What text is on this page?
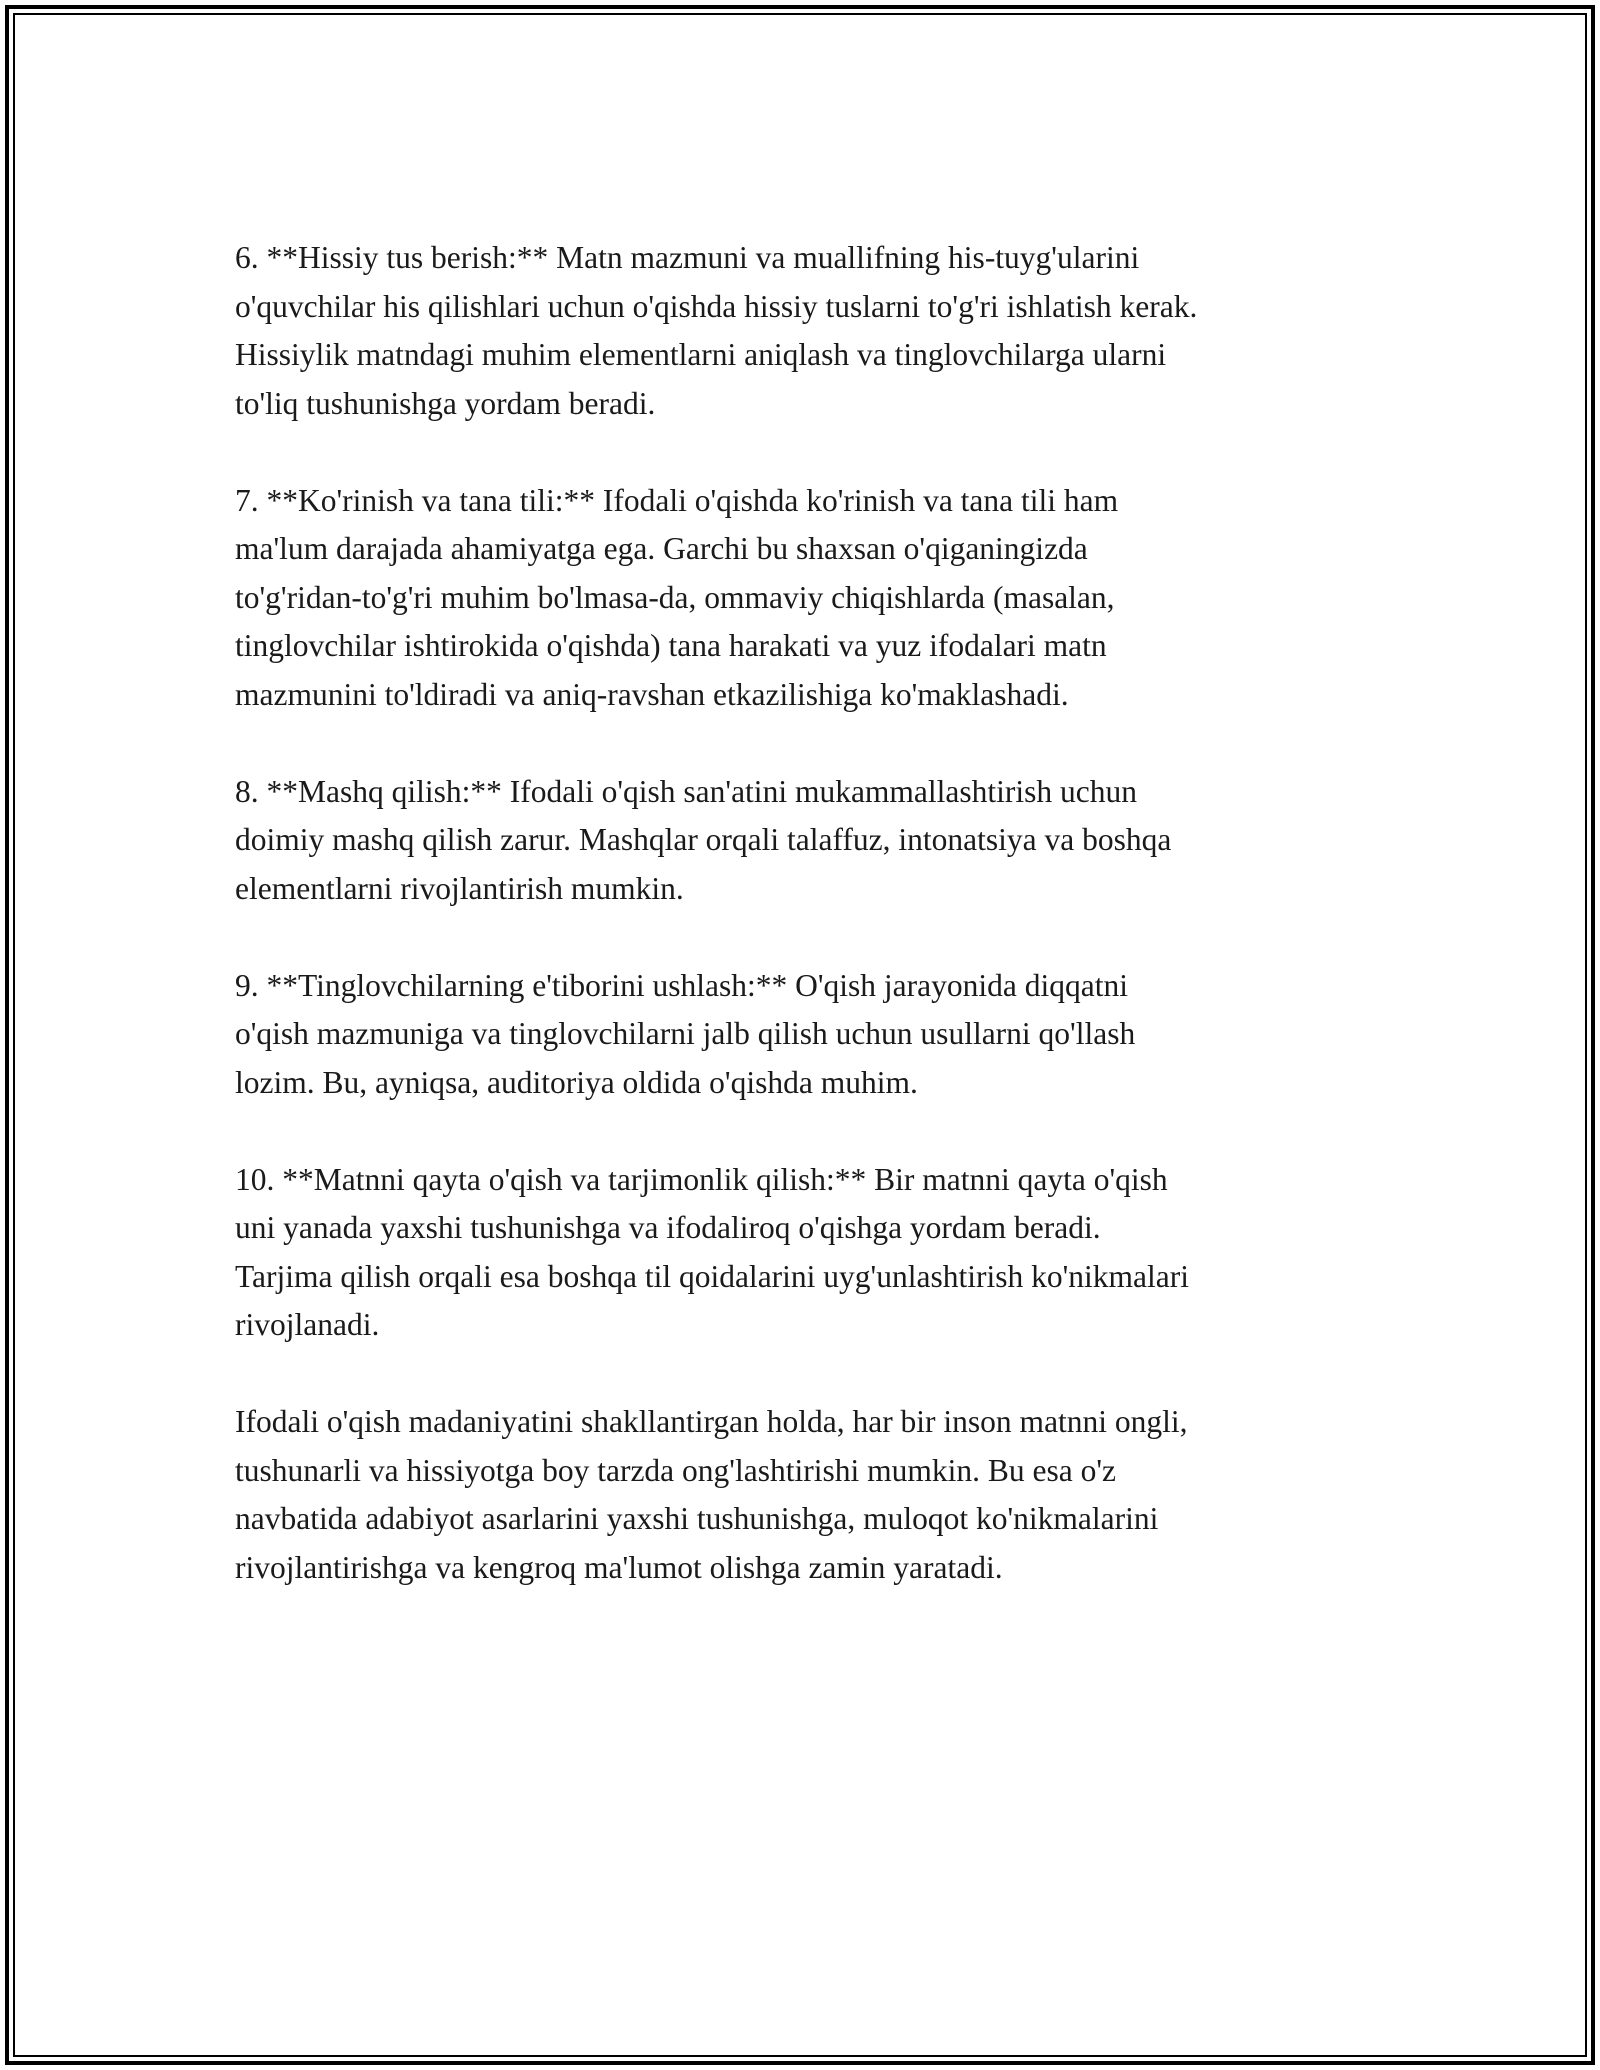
6. **Hissiy tus berish:** Matn mazmuni va muallifning his-tuyg'ularini
o'quvchilar his qilishlari uchun o'qishda hissiy tuslarni to'g'ri ishlatish kerak.
Hissiylik matndagi muhim elementlarni aniqlash va tinglovchilarga ularni
to'liq tushunishga yordam beradi.

7. **Ko'rinish va tana tili:** Ifodali o'qishda ko'rinish va tana tili ham
ma'lum darajada ahamiyatga ega. Garchi bu shaxsan o'qiganingizda
to'g'ridan-to'g'ri muhim bo'lmasa-da, ommaviy chiqishlarda (masalan,
tinglovchilar ishtirokida o'qishda) tana harakati va yuz ifodalari matn
mazmunini to'ldiradi va aniq-ravshan etkazilishiga ko'maklashadi.

8. **Mashq qilish:** Ifodali o'qish san'atini mukammallashtirish uchun
doimiy mashq qilish zarur. Mashqlar orqali talaffuz, intonatsiya va boshqa
elementlarni rivojlantirish mumkin.

9. **Tinglovchilarning e'tiborini ushlash:** O'qish jarayonida diqqatni
o'qish mazmuniga va tinglovchilarni jalb qilish uchun usullarni qo'llash
lozim. Bu, ayniqsa, auditoriya oldida o'qishda muhim.

10. **Matnni qayta o'qish va tarjimonlik qilish:** Bir matnni qayta o'qish
uni yanada yaxshi tushunishga va ifodaliroq o'qishga yordam beradi.
Tarjima qilish orqali esa boshqa til qoidalarini uyg'unlashtirish ko'nikmalari
rivojlanadi.

Ifodali o'qish madaniyatini shakllantirgan holda, har bir inson matnni ongli,
tushunarli va hissiyotga boy tarzda ong'lashtirishi mumkin. Bu esa o'z
navbatida adabiyot asarlarini yaxshi tushunishga, muloqot ko'nikmalarini
rivojlantirishga va kengroq ma'lumot olishga zamin yaratadi.
